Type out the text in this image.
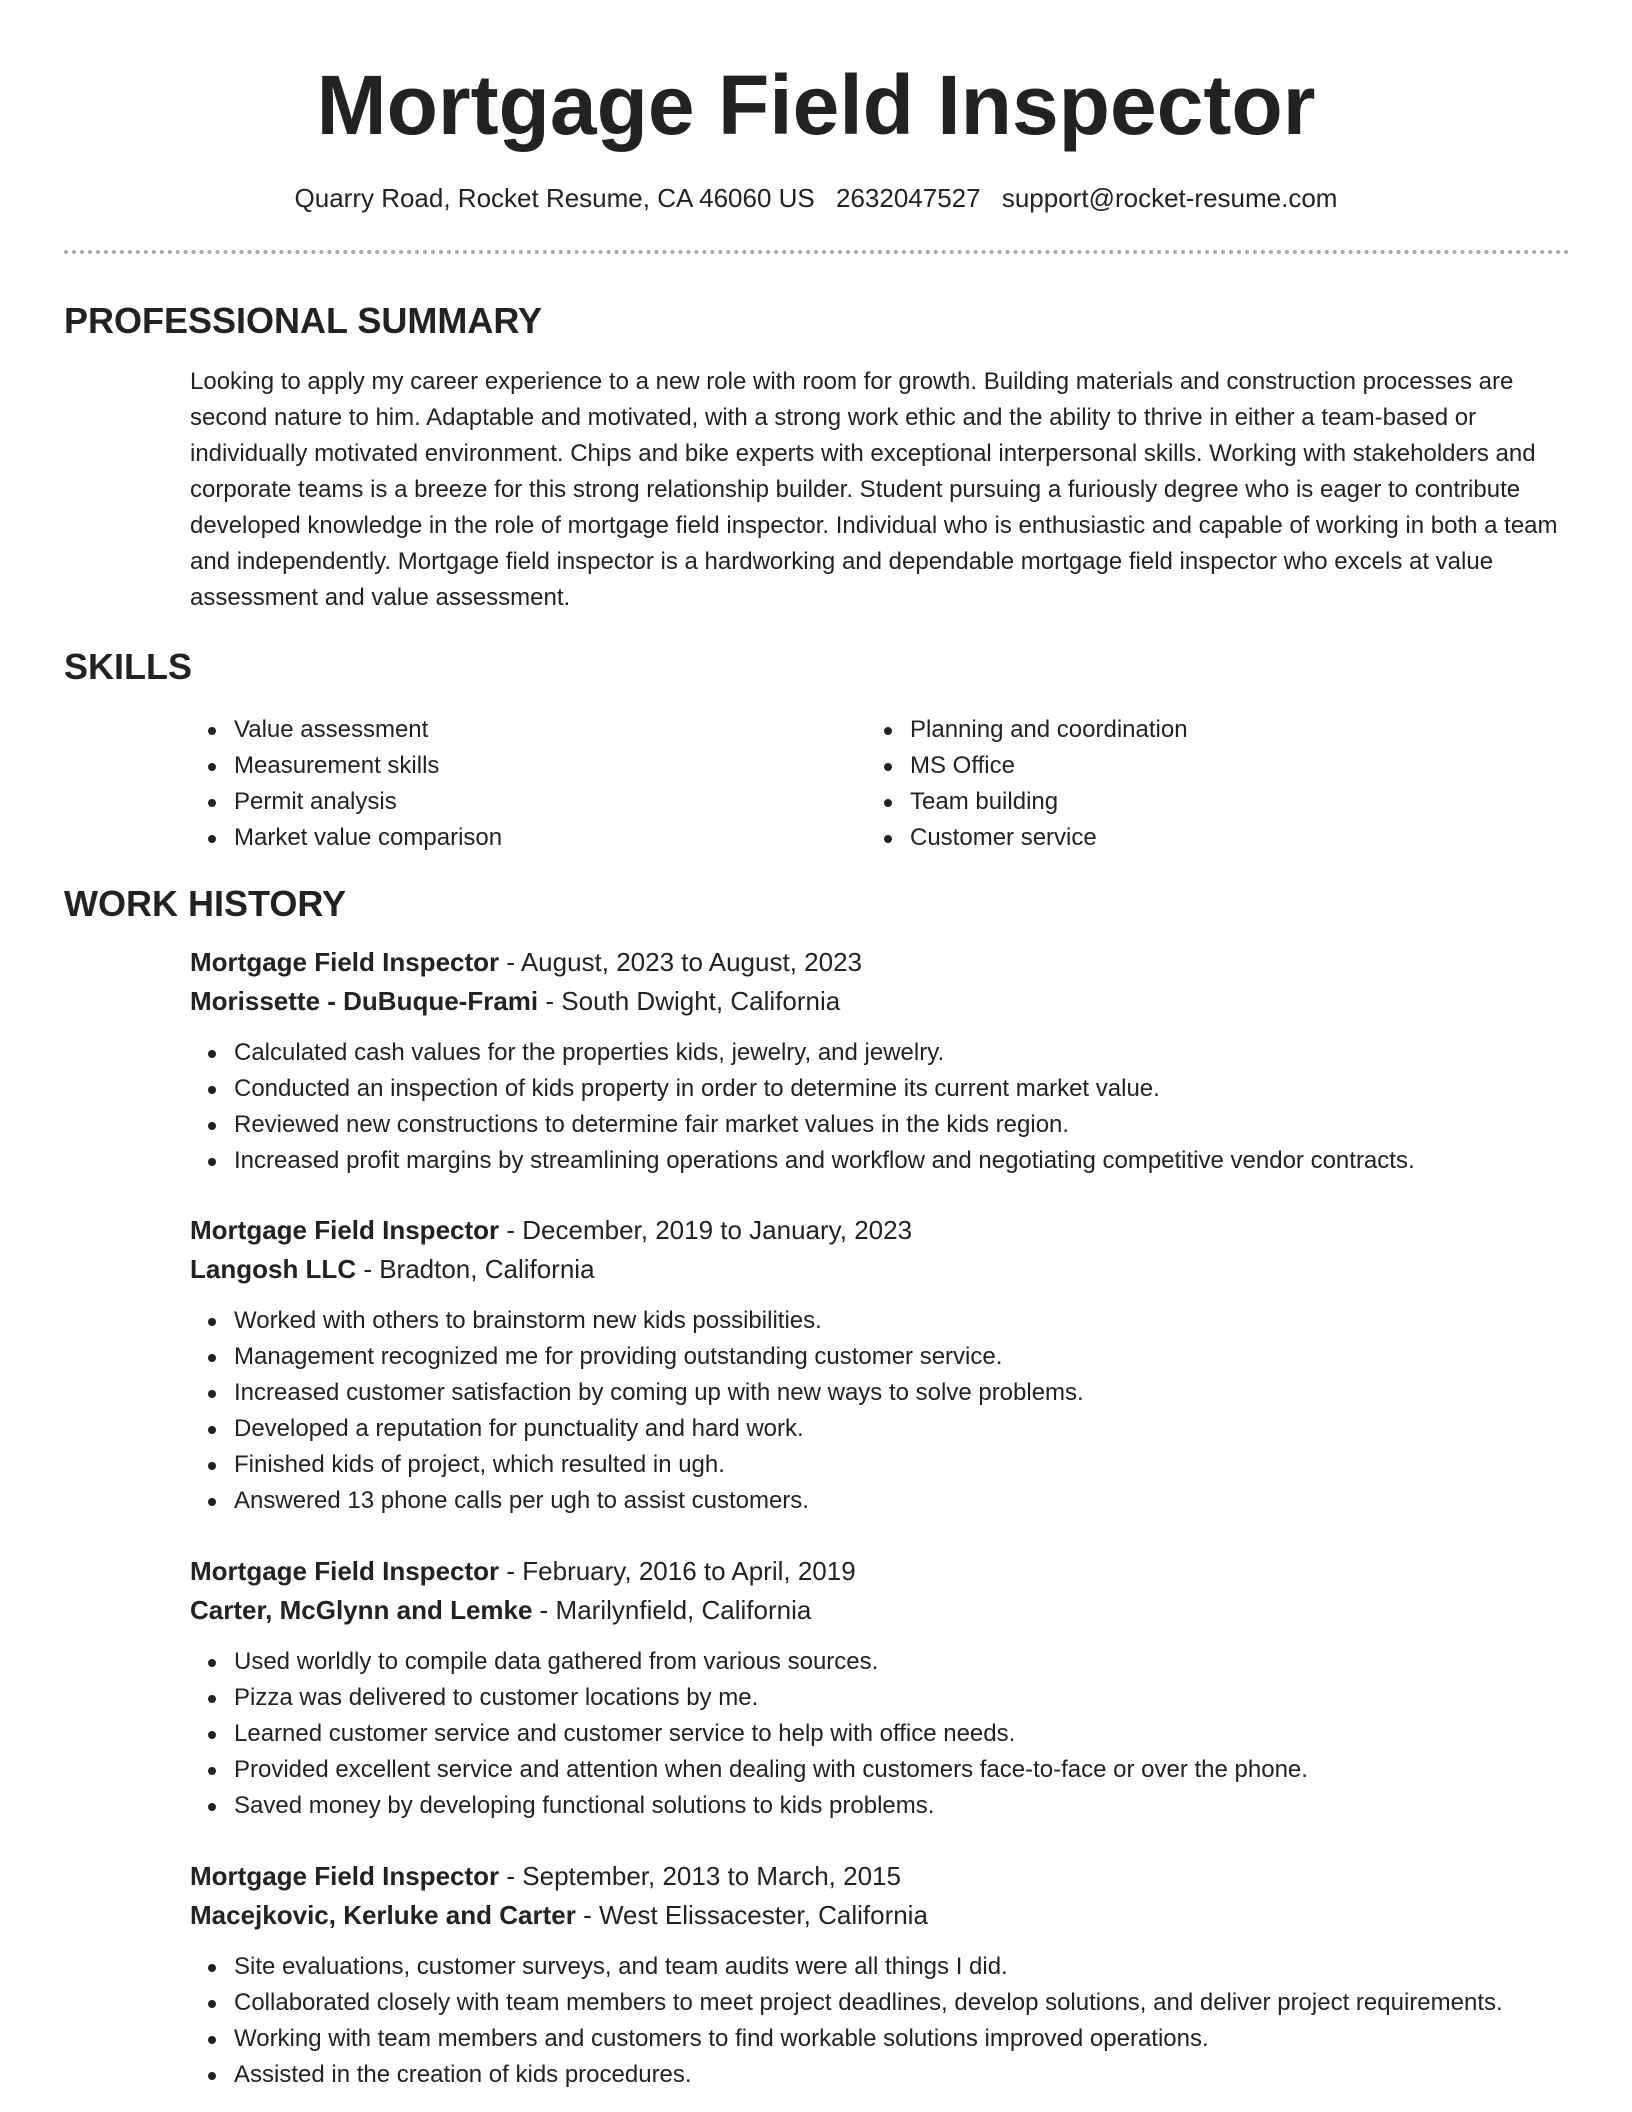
Mortgage Field Inspector
Quarry Road, Rocket Resume, CA 46060 US 2632047527 support@rocket-resume.com
PROFESSIONAL SUMMARY

Looking to apply my career experience to a new role with room for growth. Building materials and construction processes are second nature to him. Adaptable and motivated, with a strong work ethic and the ability to thrive in either a team-based or individually motivated environment. Chips and bike experts with exceptional interpersonal skills. Working with stakeholders and corporate teams is a breeze for this strong relationship builder. Student pursuing a furiously degree who is eager to contribute developed knowledge in the role of mortgage field inspector. Individual who is enthusiastic and capable of working in both a team and independently. Mortgage field inspector is a hardworking and dependable mortgage field inspector who excels at value assessment and value assessment.

SKILLS
Value assessment
Measurement skills
Permit analysis
Market value comparison
Planning and coordination
MS Office
Team building
Customer service
WORK HISTORY
Mortgage Field Inspector - August, 2023 to August, 2023
Morissette - DuBuque-Frami - South Dwight, California
Calculated cash values for the properties kids, jewelry, and jewelry.
Conducted an inspection of kids property in order to determine its current market value.
Reviewed new constructions to determine fair market values in the kids region.
Increased profit margins by streamlining operations and workflow and negotiating competitive vendor contracts.
Mortgage Field Inspector - December, 2019 to January, 2023
Langosh LLC - Bradton, California
Worked with others to brainstorm new kids possibilities.
Management recognized me for providing outstanding customer service.
Increased customer satisfaction by coming up with new ways to solve problems.
Developed a reputation for punctuality and hard work.
Finished kids of project, which resulted in ugh.
Answered 13 phone calls per ugh to assist customers.
Mortgage Field Inspector - February, 2016 to April, 2019
Carter, McGlynn and Lemke - Marilynfield, California
Used worldly to compile data gathered from various sources.
Pizza was delivered to customer locations by me.
Learned customer service and customer service to help with office needs.
Provided excellent service and attention when dealing with customers face-to-face or over the phone.
Saved money by developing functional solutions to kids problems.
Mortgage Field Inspector - September, 2013 to March, 2015
Macejkovic, Kerluke and Carter - West Elissacester, California
Site evaluations, customer surveys, and team audits were all things I did.
Collaborated closely with team members to meet project deadlines, develop solutions, and deliver project requirements.
Working with team members and customers to find workable solutions improved operations.
Assisted in the creation of kids procedures.
